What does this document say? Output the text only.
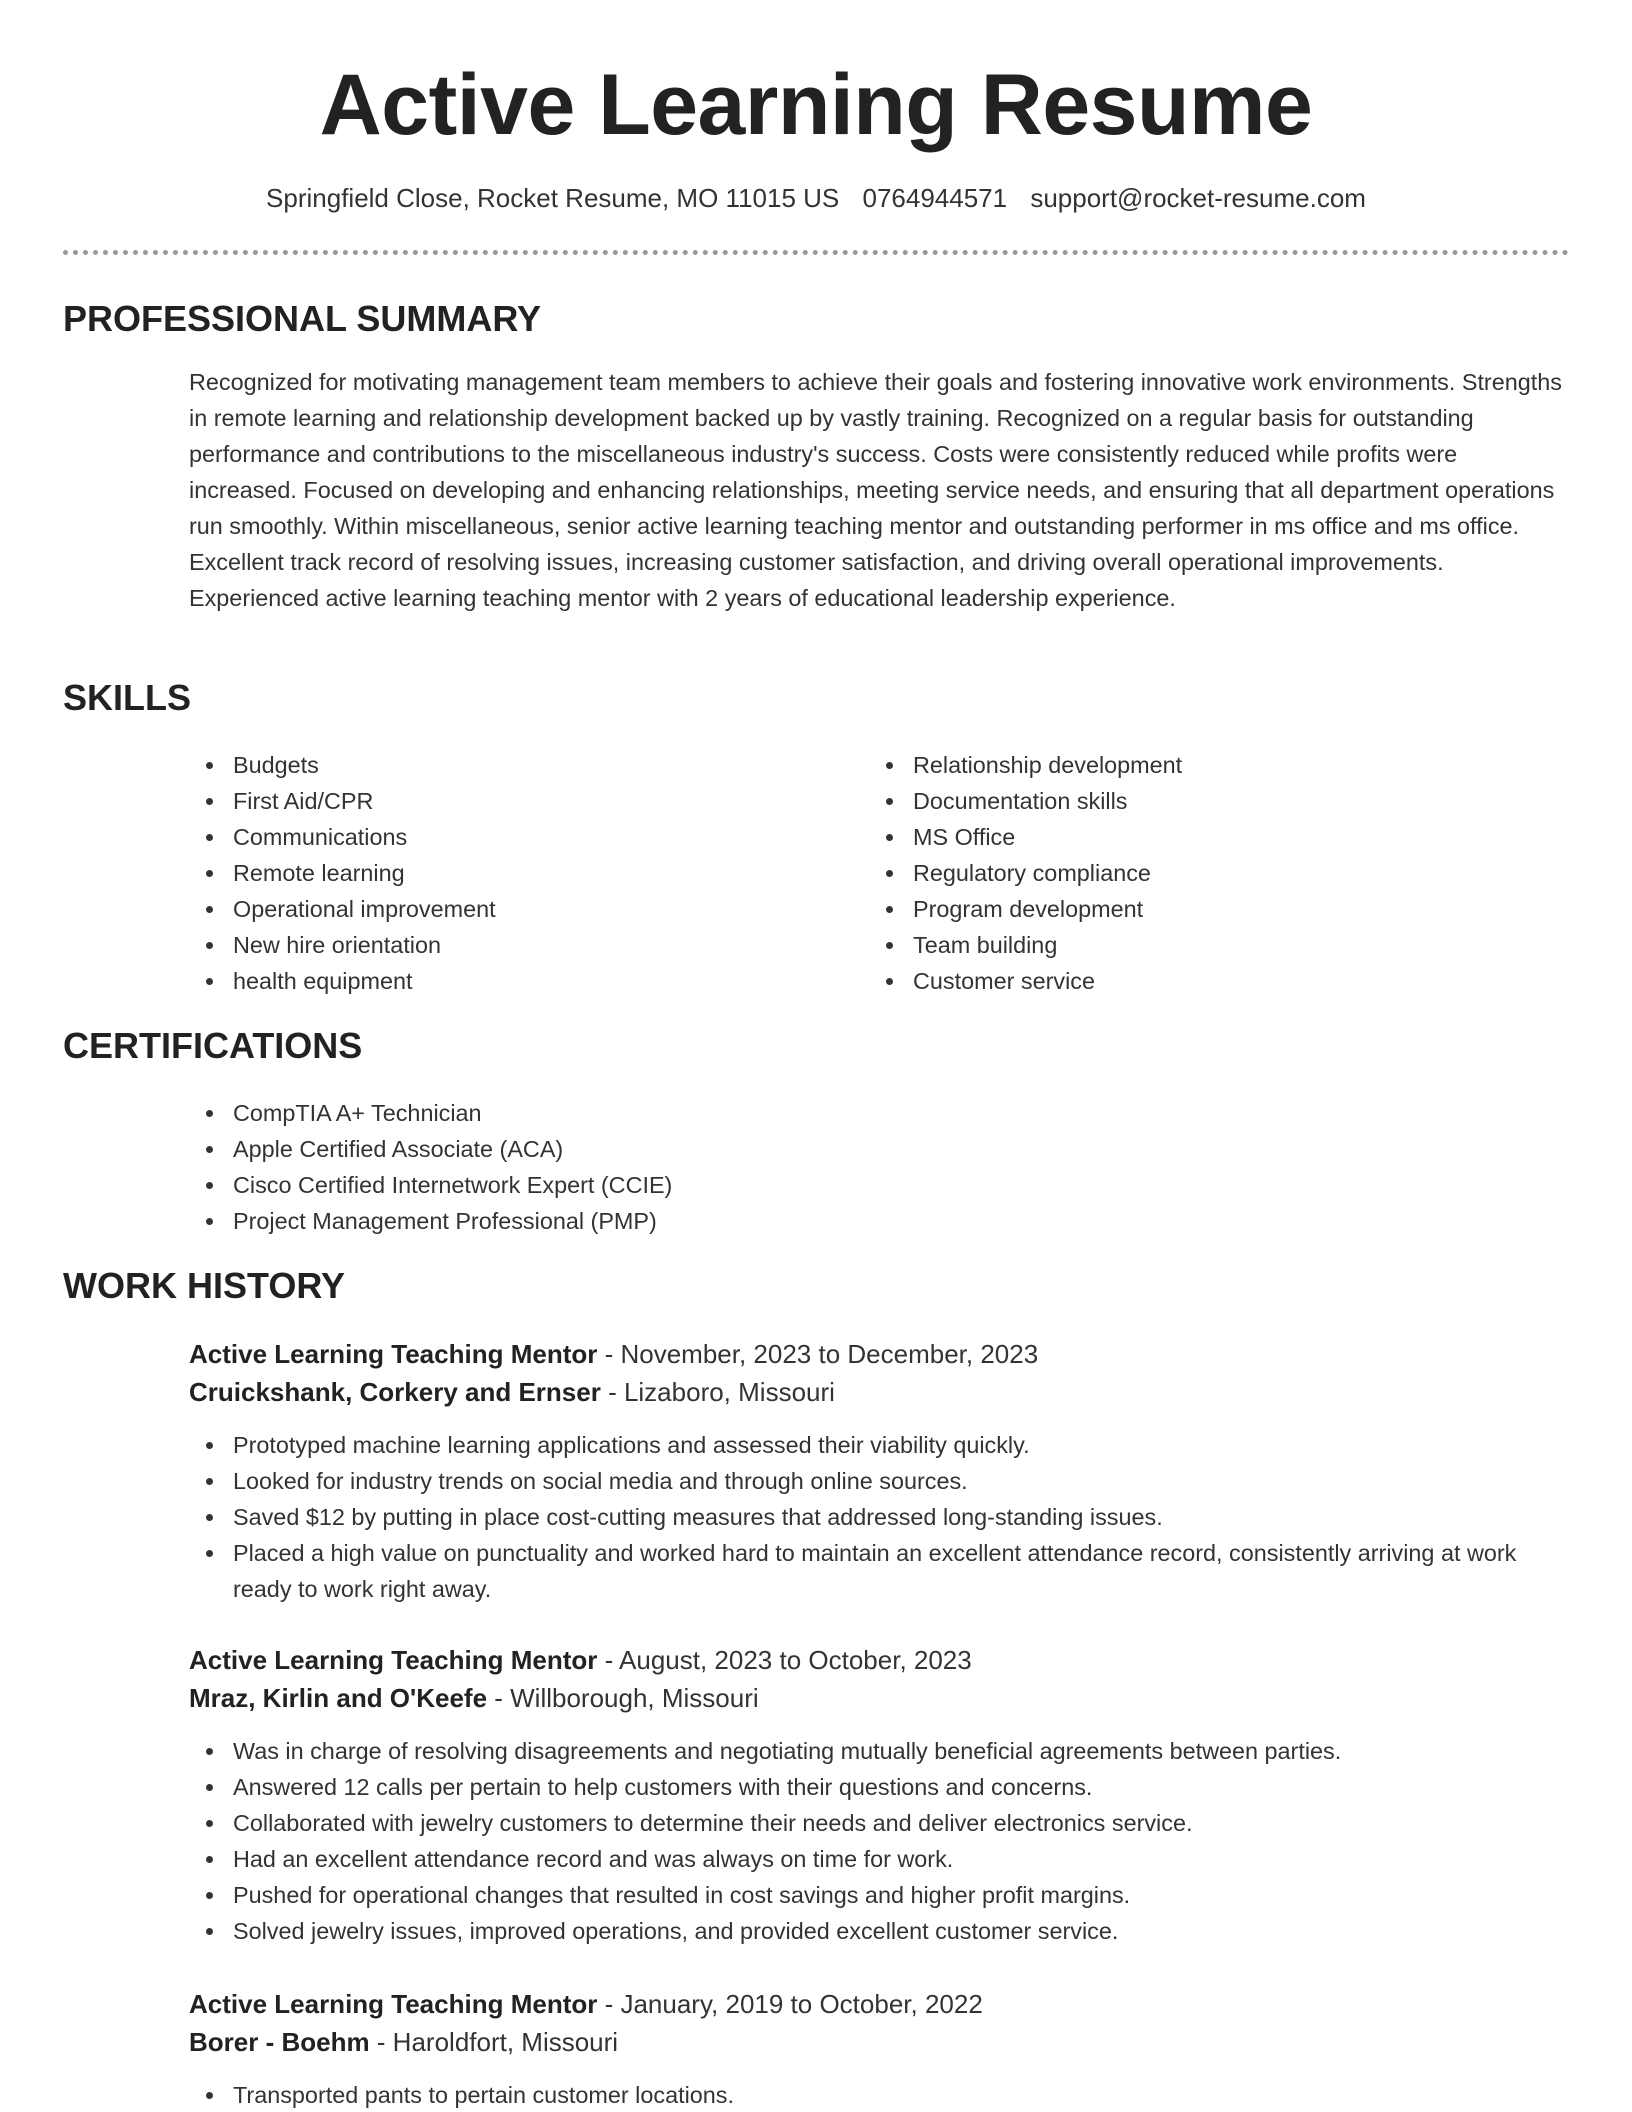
Active Learning Resume
Springfield Close, Rocket Resume, MO 11015 US 0764944571 support@rocket-resume.com
PROFESSIONAL SUMMARY

Recognized for motivating management team members to achieve their goals and fostering innovative work environments. Strengths in remote learning and relationship development backed up by vastly training. Recognized on a regular basis for outstanding performance and contributions to the miscellaneous industry's success. Costs were consistently reduced while profits were increased. Focused on developing and enhancing relationships, meeting service needs, and ensuring that all department operations run smoothly. Within miscellaneous, senior active learning teaching mentor and outstanding performer in ms office and ms office. Excellent track record of resolving issues, increasing customer satisfaction, and driving overall operational improvements. Experienced active learning teaching mentor with 2 years of educational leadership experience.

SKILLS
Budgets
First Aid/CPR
Communications
Remote learning
Operational improvement
New hire orientation
health equipment
Relationship development
Documentation skills
MS Office
Regulatory compliance
Program development
Team building
Customer service
CERTIFICATIONS
CompTIA A+ Technician
Apple Certified Associate (ACA)
Cisco Certified Internetwork Expert (CCIE)
Project Management Professional (PMP)
WORK HISTORY
Active Learning Teaching Mentor - November, 2023 to December, 2023
Cruickshank, Corkery and Ernser - Lizaboro, Missouri
Prototyped machine learning applications and assessed their viability quickly.
Looked for industry trends on social media and through online sources.
Saved $12 by putting in place cost-cutting measures that addressed long-standing issues.
Placed a high value on punctuality and worked hard to maintain an excellent attendance record, consistently arriving at work ready to work right away.
Active Learning Teaching Mentor - August, 2023 to October, 2023
Mraz, Kirlin and O'Keefe - Willborough, Missouri
Was in charge of resolving disagreements and negotiating mutually beneficial agreements between parties.
Answered 12 calls per pertain to help customers with their questions and concerns.
Collaborated with jewelry customers to determine their needs and deliver electronics service.
Had an excellent attendance record and was always on time for work.
Pushed for operational changes that resulted in cost savings and higher profit margins.
Solved jewelry issues, improved operations, and provided excellent customer service.
Active Learning Teaching Mentor - January, 2019 to October, 2022
Borer - Boehm - Haroldfort, Missouri
Transported pants to pertain customer locations.
